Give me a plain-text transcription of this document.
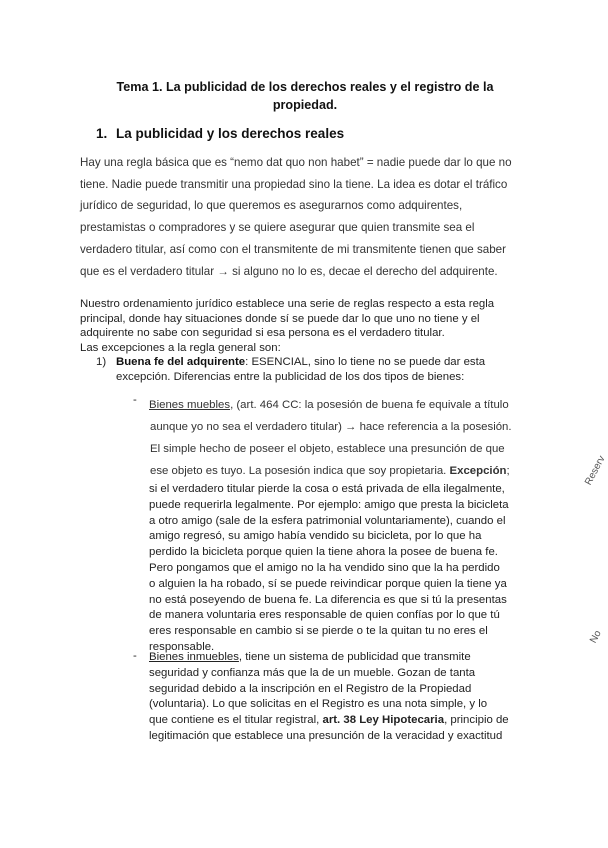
Tema 1. La publicidad de los derechos reales y el registro de la
propiedad.
1. La publicidad y los derechos reales

Hay una regla básica que es “nemo dat quo non habet” = nadie puede dar lo que no

tiene. Nadie puede transmitir una propiedad sino la tiene. La idea es dotar el tráfico

jurídico de seguridad, lo que queremos es asegurarnos como adquirentes,

prestamistas o compradores y se quiere asegurar que quien transmite sea el

verdadero titular, así como con el transmitente de mi transmitente tienen que saber

que es el verdadero titular → si alguno no lo es, decae el derecho del adquirente.

Nuestro ordenamiento jurídico establece una serie de reglas respecto a esta regla

principal, donde hay situaciones donde sí se puede dar lo que uno no tiene y el

adquirente no sabe con seguridad si esa persona es el verdadero titular.

Las excepciones a la regla general son:

1) Buena fe del adquirente: ESENCIAL, sino lo tiene no se puede dar esta
excepción. Diferencias entre la publicidad de los dos tipos de bienes:
- Bienes muebles, (art. 464 CC: la posesión de buena fe equivale a título

aunque yo no sea el verdadero titular) → hace referencia a la posesión.

El simple hecho de poseer el objeto, establece una presunción de que

ese objeto es tuyo. La posesión indica que soy propietaria. Excepción;

si el verdadero titular pierde la cosa o está privada de ella ilegalmente,

puede requerirla legalmente. Por ejemplo: amigo que presta la bicicleta

a otro amigo (sale de la esfera patrimonial voluntariamente), cuando el

amigo regresó, su amigo había vendido su bicicleta, por lo que ha

perdido la bicicleta porque quien la tiene ahora la posee de buena fe.

Pero pongamos que el amigo no la ha vendido sino que la ha perdido

o alguien la ha robado, sí se puede reivindicar porque quien la tiene ya

no está poseyendo de buena fe. La diferencia es que si tú la presentas

de manera voluntaria eres responsable de quien confías por lo que tú

eres responsable en cambio si se pierde o te la quitan tu no eres el

responsable.

- Bienes inmuebles, tiene un sistema de publicidad que transmite

seguridad y confianza más que la de un mueble. Gozan de tanta

seguridad debido a la inscripción en el Registro de la Propiedad

(voluntaria). Lo que solicitas en el Registro es una nota simple, y lo

que contiene es el titular registral, art. 38 Ley Hipotecaria, principio de

legitimación que establece una presunción de la veracidad y exactitud

Reserv
No
